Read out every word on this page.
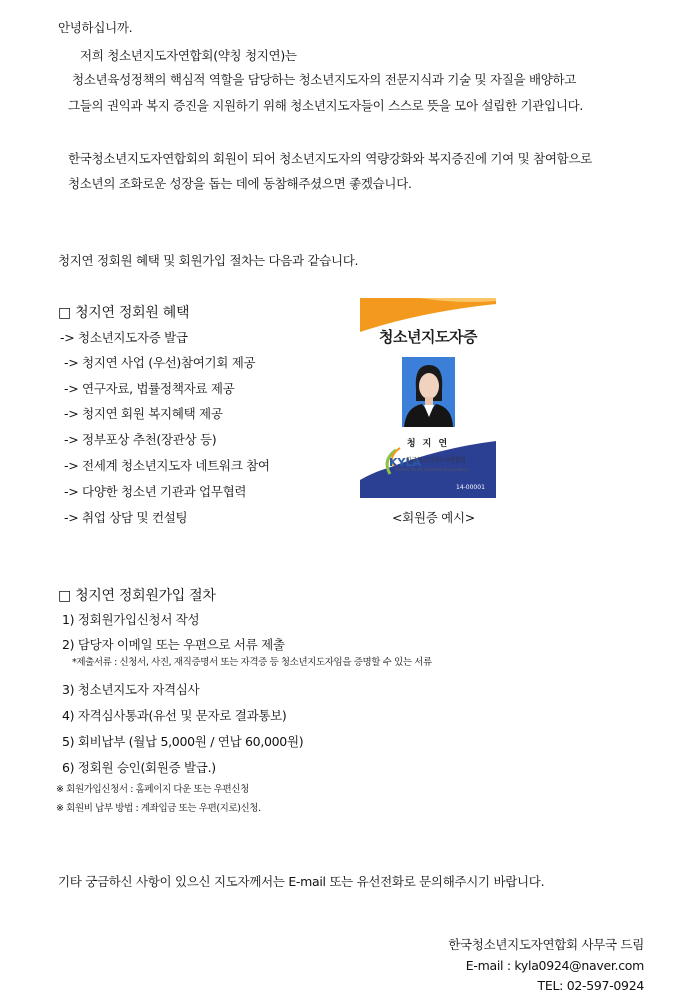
안녕하십니까.
저희 청소년지도자연합회(약칭 청지연)는
청소년육성정책의 핵심적 역할을 담당하는 청소년지도자의 전문지식과 기술 및 자질을 배양하고
그들의 권익과 복지 증진을 지원하기 위해 청소년지도자들이 스스로 뜻을 모아 설립한 기관입니다.
한국청소년지도자연합회의 회원이 되어 청소년지도자의 역량강화와 복지증진에 기여 및 참여함으로
청소년의 조화로운 성장을 돕는 데에 동참해주셨으면 좋겠습니다.
청지연 정회원 혜택 및 회원가입 절차는 다음과 같습니다.
□ 청지연 정회원 혜택
-> 청소년지도자증 발급
-> 청지연 사업 (우선)참여기회 제공
-> 연구자료, 법률정책자료 제공
-> 청지연 회원 복지혜택 제공
-> 정부포상 추천(장관상 등)
-> 전세계 청소년지도자 네트워크 참여
-> 다양한 청소년 기관과 업무협력
-> 취업 상담 및 컨설팅
청소년지도자증
청 지 연
KYLA
한국청소년지도자연합회
Korea Youth Leaders Association
14-00001
<회원증 예시>
□ 청지연 정회원가입 절차
1) 정회원가입신청서 작성
2) 담당자 이메일 또는 우편으로 서류 제출
*제출서류 : 신청서, 사진, 재직증명서 또는 자격증 등 청소년지도자임을 증명할 수 있는 서류
3) 청소년지도자 자격심사
4) 자격심사통과(유선 및 문자로 결과통보)
5) 회비납부 (월납 5,000원 / 연납 60,000원)
6) 정회원 승인(회원증 발급.)
※ 회원가입신청서 : 홈페이지 다운 또는 우편신청
※ 회원비 납부 방법 : 계좌입금 또는 우편(지로)신청.
기타 궁금하신 사항이 있으신 지도자께서는 E-mail 또는 유선전화로 문의해주시기 바랍니다.
한국청소년지도자연합회 사무국 드림
E-mail : kyla0924@naver.com
TEL: 02-597-0924
